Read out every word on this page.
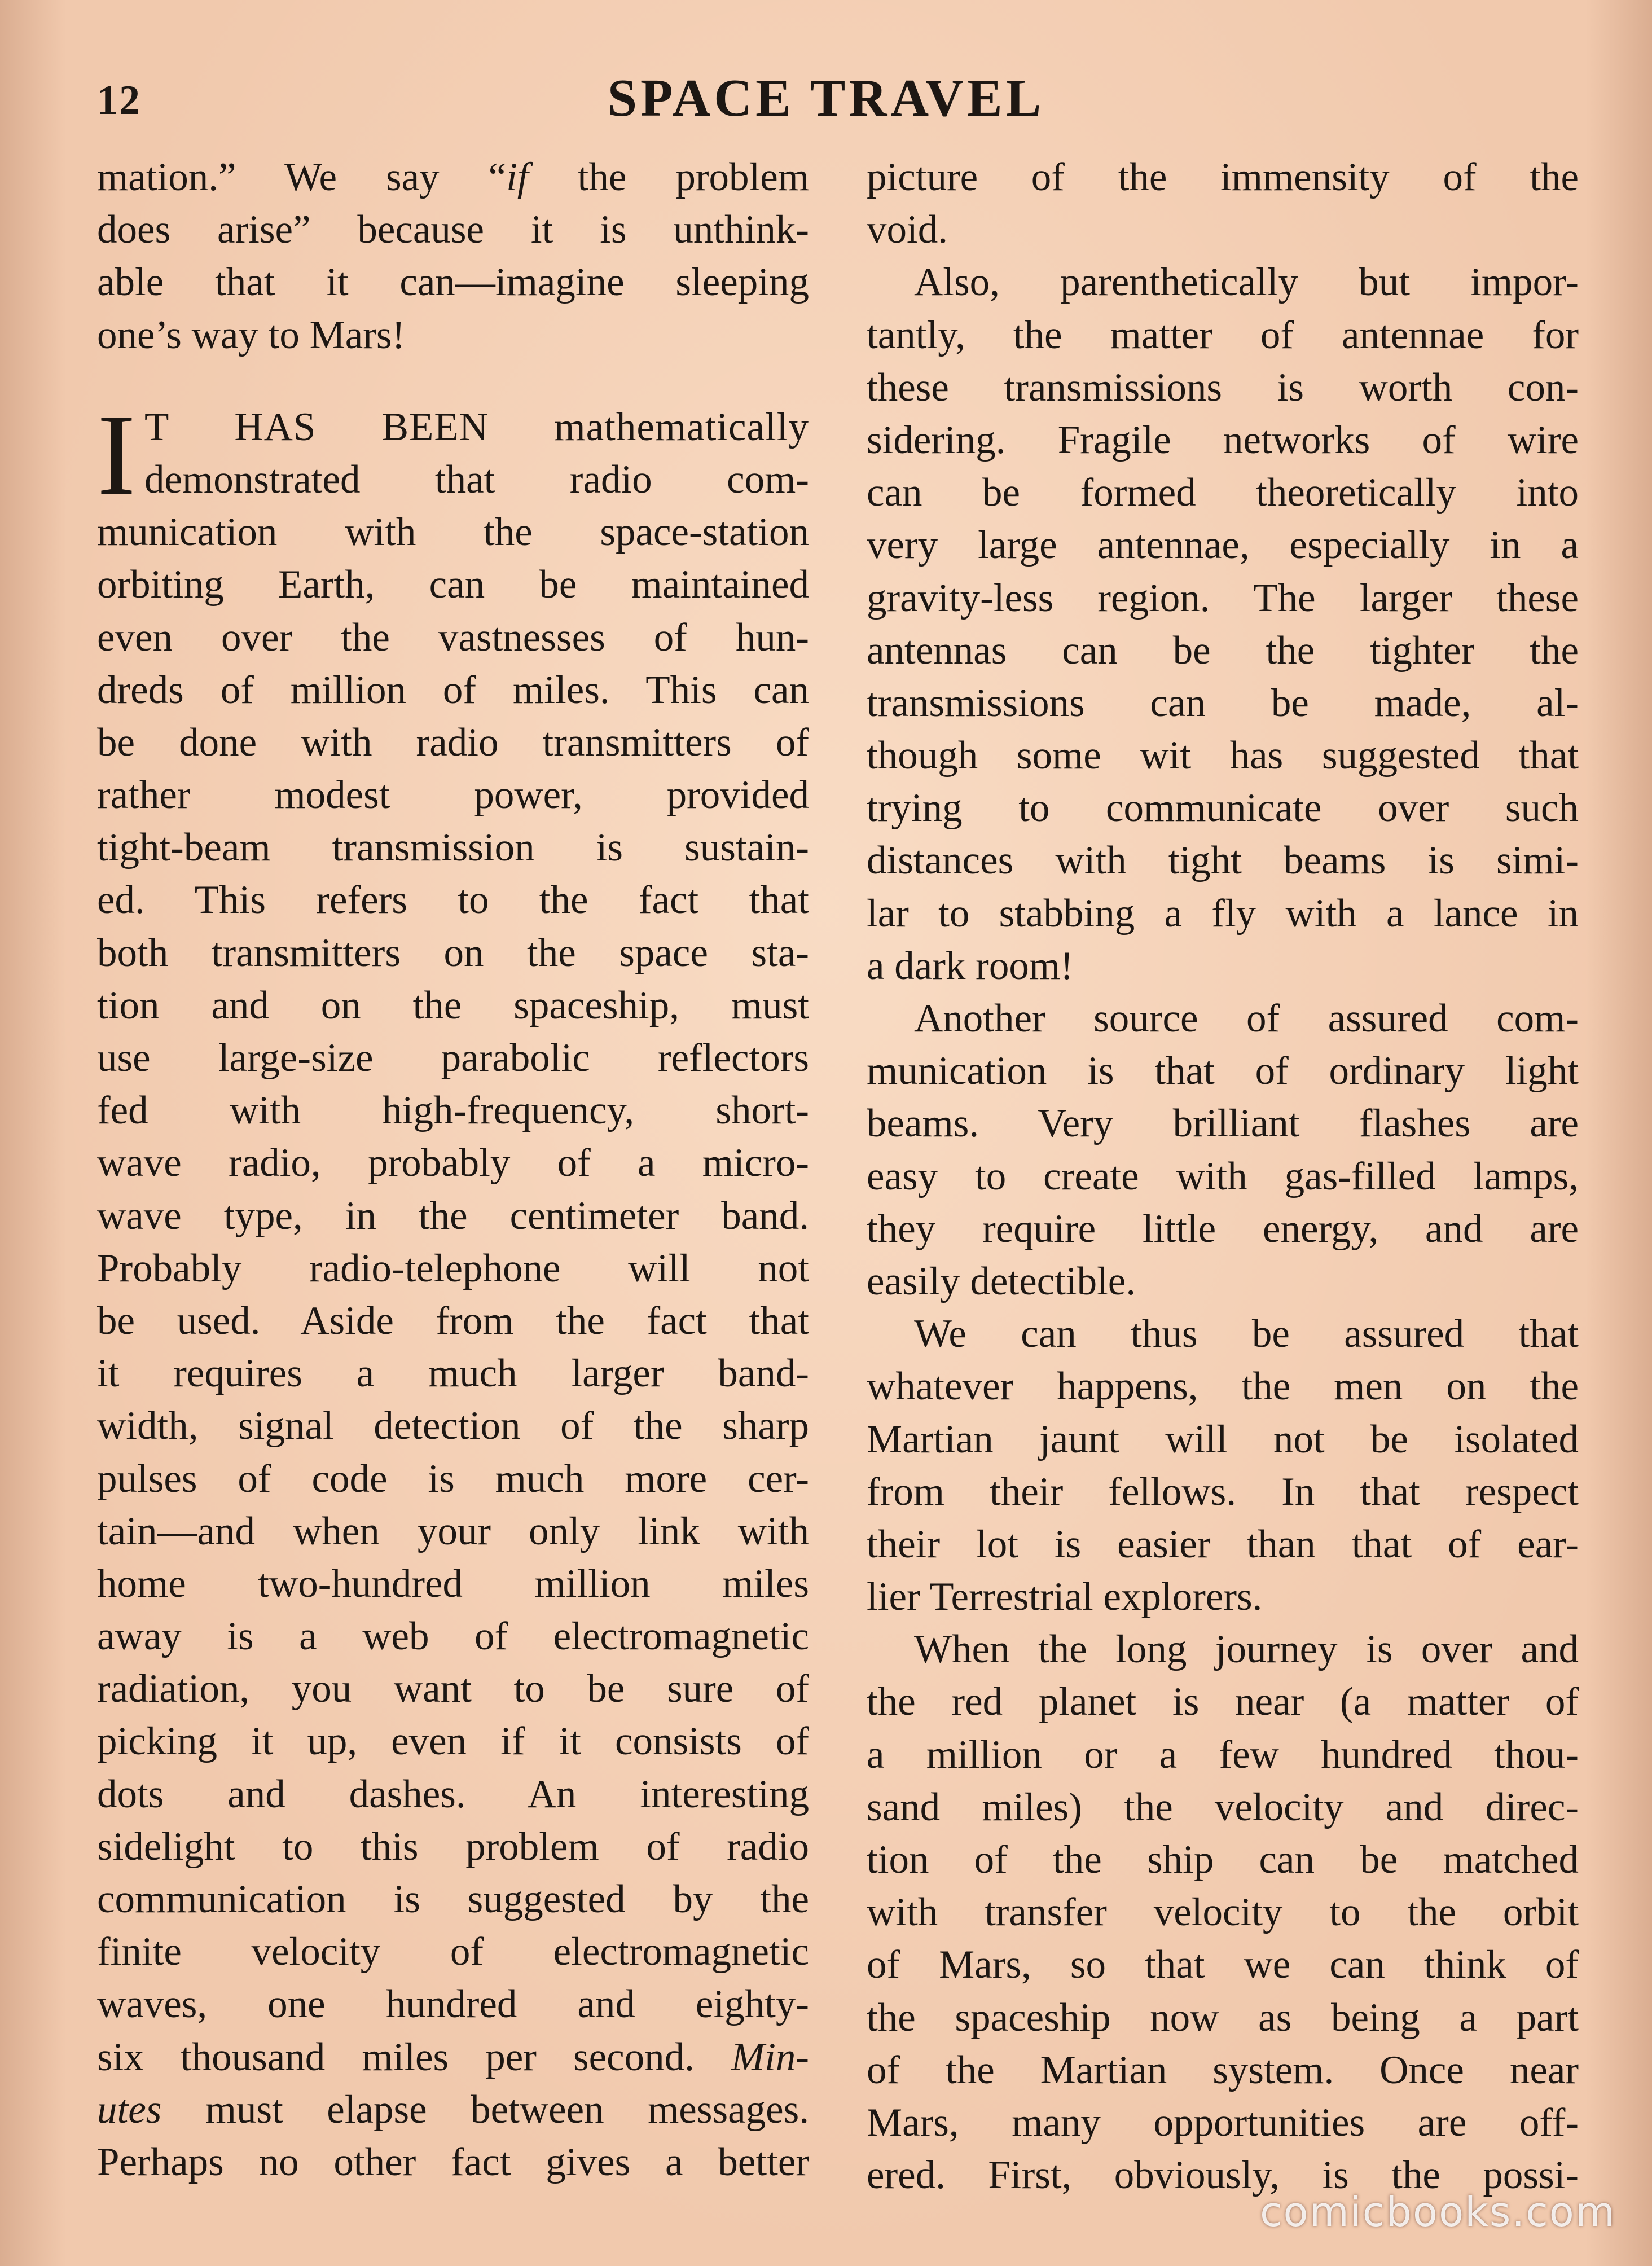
12	SPACE TRAVEL
mation.” We say “if the problem
does arise” because it is unthink-
able that it can—imagine sleeping
one’s way to Mars!
I T HAS BEEN mathematically
demonstrated that radio com-
munication with the space-station
orbiting Earth, can be maintained
even over the vastnesses of hun-
dreds of million of miles. This can
be done with radio transmitters of
rather modest power, provided
tight-beam transmission is sustain-
ed. This refers to the fact that
both transmitters on the space sta-
tion and on the spaceship, must
use large-size parabolic reflectors
fed with high-frequency, short-
wave radio, probably of a micro-
wave type, in the centimeter band.
Probably radio-telephone will not
be used. Aside from the fact that
it requires a much larger band-
width, signal detection of the sharp
pulses of code is much more cer-
tain—and when your only link with
home two-hundred million miles
away is a web of electromagnetic
radiation, you want to be sure of
picking it up, even if it consists of
dots and dashes. An interesting
sidelight to this problem of radio
communication is suggested by the
finite velocity of electromagnetic
waves, one hundred and eighty-
six thousand miles per second. Min-
utes must elapse between messages.
Perhaps no other fact gives a better
picture of the immensity of the
void.
Also, parenthetically but impor-
tantly, the matter of antennae for
these transmissions is worth con-
sidering. Fragile networks of wire
can be formed theoretically into
very large antennae, especially in a
gravity-less region. The larger these
antennas can be the tighter the
transmissions can be made, al-
though some wit has suggested that
trying to communicate over such
distances with tight beams is simi-
lar to stabbing a fly with a lance in
a dark room!
Another source of assured com-
munication is that of ordinary light
beams. Very brilliant flashes are
easy to create with gas-filled lamps,
they require little energy, and are
easily detectible.
We can thus be assured that
whatever happens, the men on the
Martian jaunt will not be isolated
from their fellows. In that respect
their lot is easier than that of ear-
lier Terrestrial explorers.
When the long journey is over and
the red planet is near (a matter of
a million or a few hundred thou-
sand miles) the velocity and direc-
tion of the ship can be matched
with transfer velocity to the orbit
of Mars, so that we can think of
the spaceship now as being a part
of the Martian system. Once near
Mars, many opportunities are off-
ered. First, obviously, is the possi-
comicbooks.com
